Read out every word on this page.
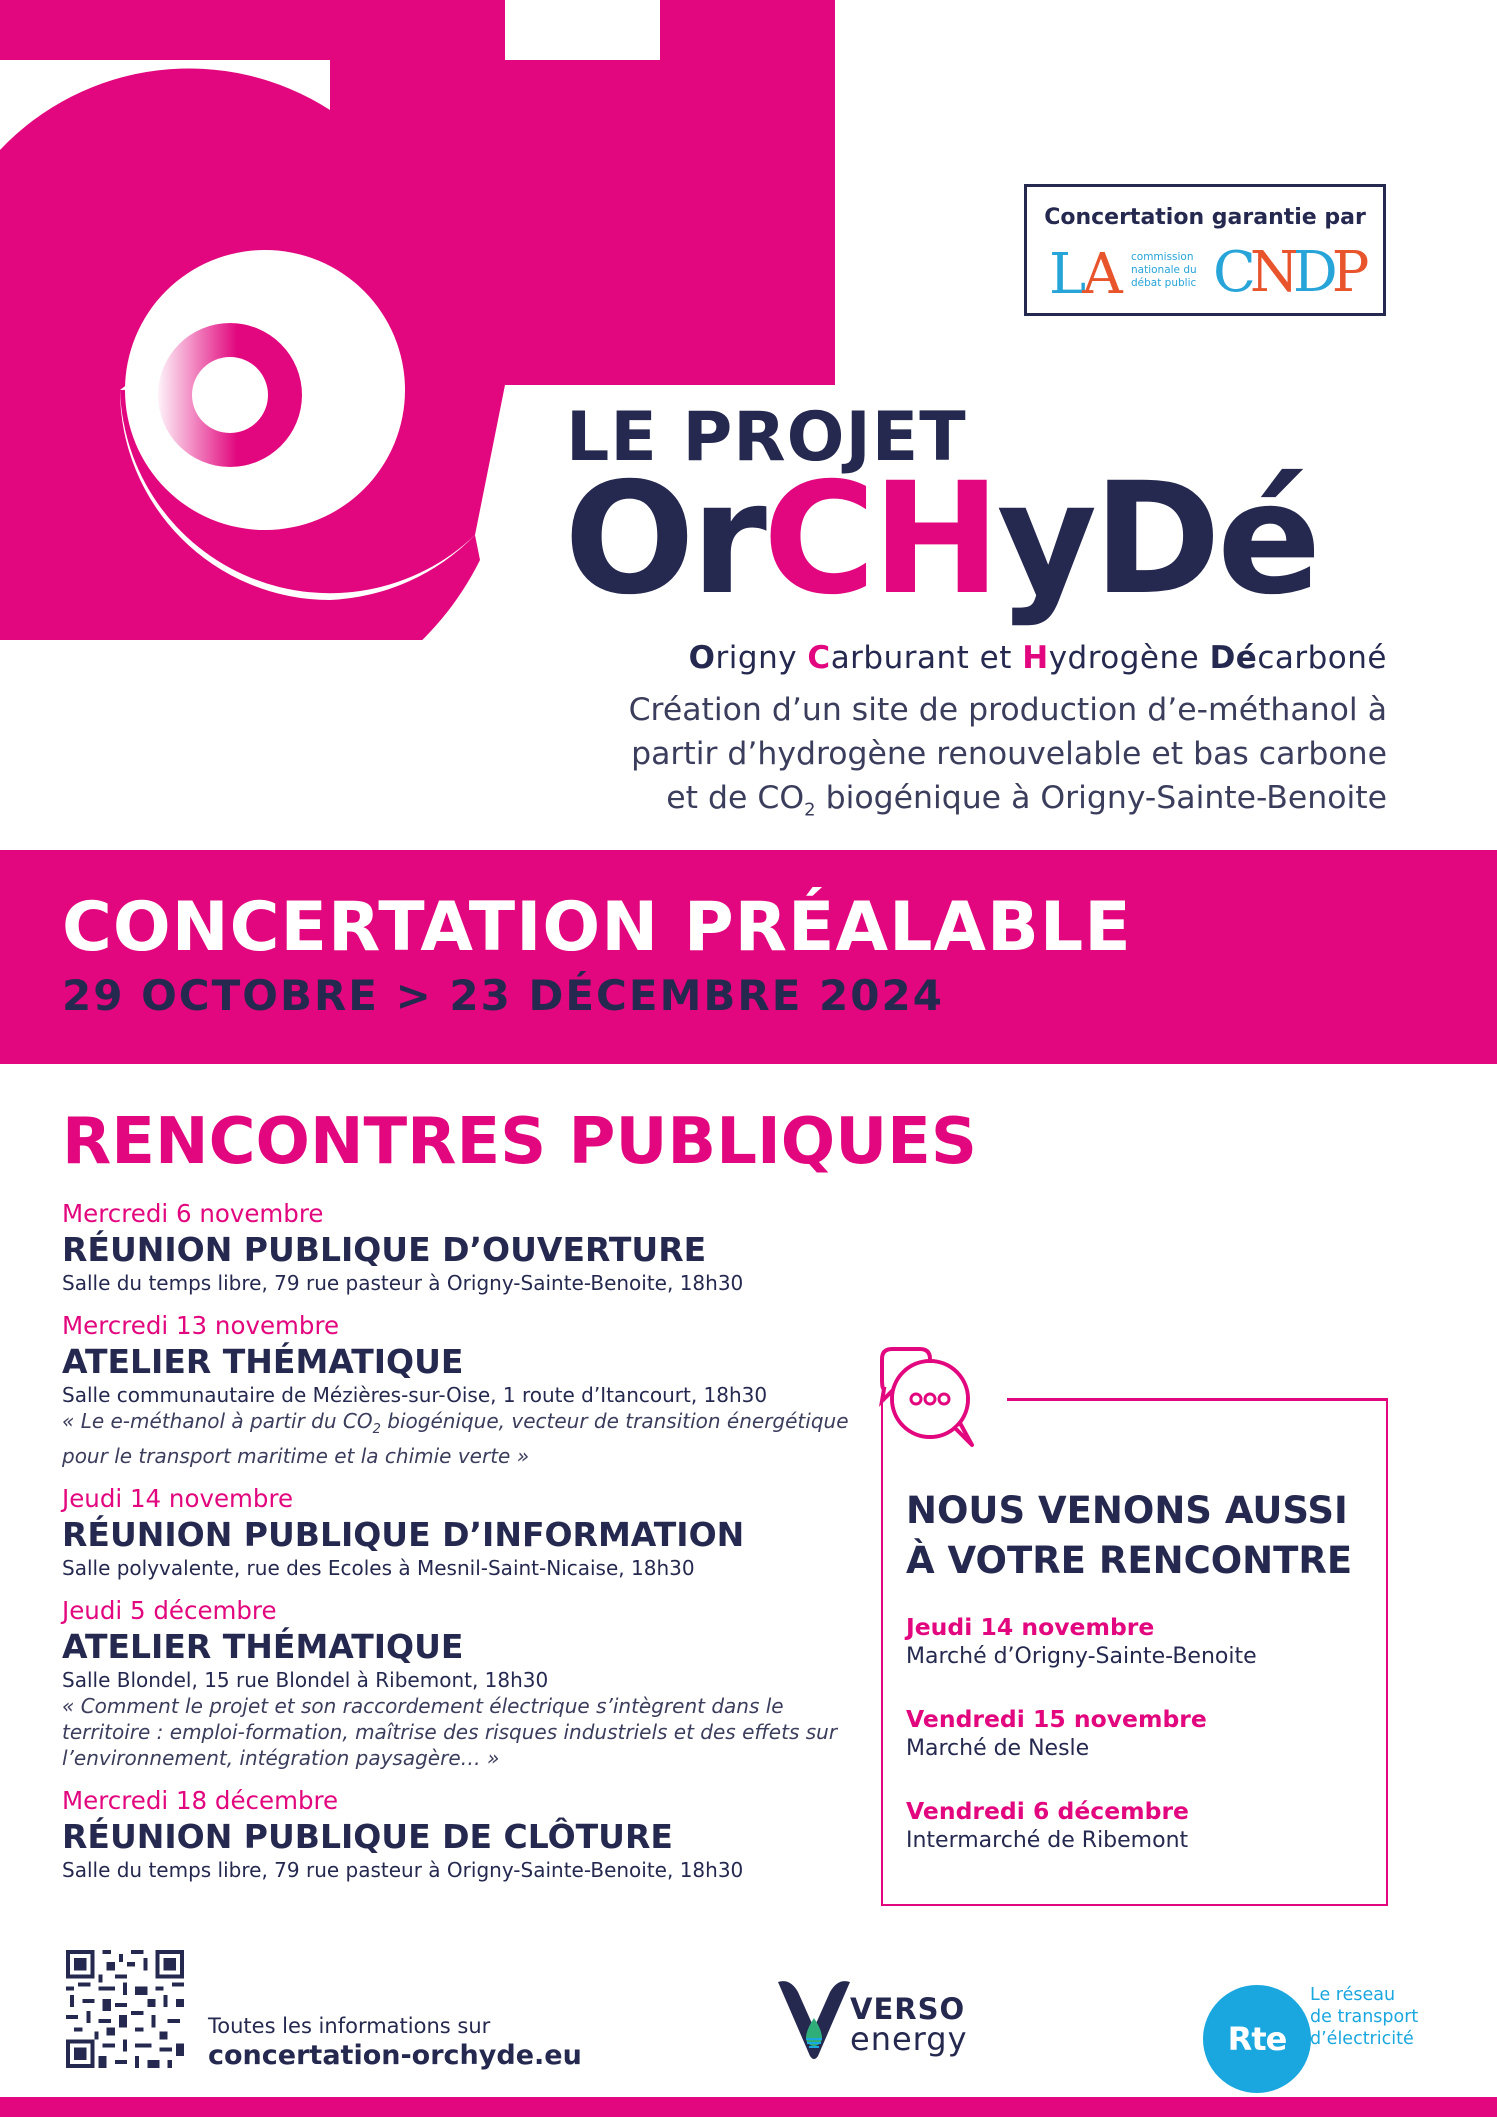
Concertation garantie par
LA commission
nationale du
débat public CNDP
LE PROJET
OrCHyDé
Origny Carburant et Hydrogène Décarboné
Création d’un site de production d’e-méthanol à
partir d’hydrogène renouvelable et bas carbone
et de $CO_2$ biogénique à Origny-Sainte-Benoite
CONCERTATION PRÉALABLE
29 OCTOBRE > 23 DÉCEMBRE 2024
RENCONTRES PUBLIQUES
Mercredi 6 novembre
RÉUNION PUBLIQUE D’OUVERTURE
Salle du temps libre, 79 rue pasteur à Origny-Sainte-Benoite, 18h30
Mercredi 13 novembre
ATELIER THÉMATIQUE
Salle communautaire de Mézières-sur-Oise, 1 route d’Itancourt, 18h30
« Le e-méthanol à partir du $CO_2$ biogénique, vecteur de transition énergétique pour le transport maritime et la chimie verte »
Jeudi 14 novembre
RÉUNION PUBLIQUE D’INFORMATION
Salle polyvalente, rue des Ecoles à Mesnil-Saint-Nicaise, 18h30
Jeudi 5 décembre
ATELIER THÉMATIQUE
Salle Blondel, 15 rue Blondel à Ribemont, 18h30
« Comment le projet et son raccordement électrique s’intègrent dans le territoire : emploi-formation, maîtrise des risques industriels et des effets sur l’environnement, intégration paysagère… »
Mercredi 18 décembre
RÉUNION PUBLIQUE DE CLÔTURE
Salle du temps libre, 79 rue pasteur à Origny-Sainte-Benoite, 18h30
NOUS VENONS AUSSI À VOTRE RENCONTRE
Jeudi 14 novembre
Marché d’Origny-Sainte-Benoite
Vendredi 15 novembre
Marché de Nesle
Vendredi 6 décembre
Intermarché de Ribemont
Toutes les informations sur
concertation-orchyde.eu
VERSO
energy	Rte
Le réseau
de transport
d’électricité
